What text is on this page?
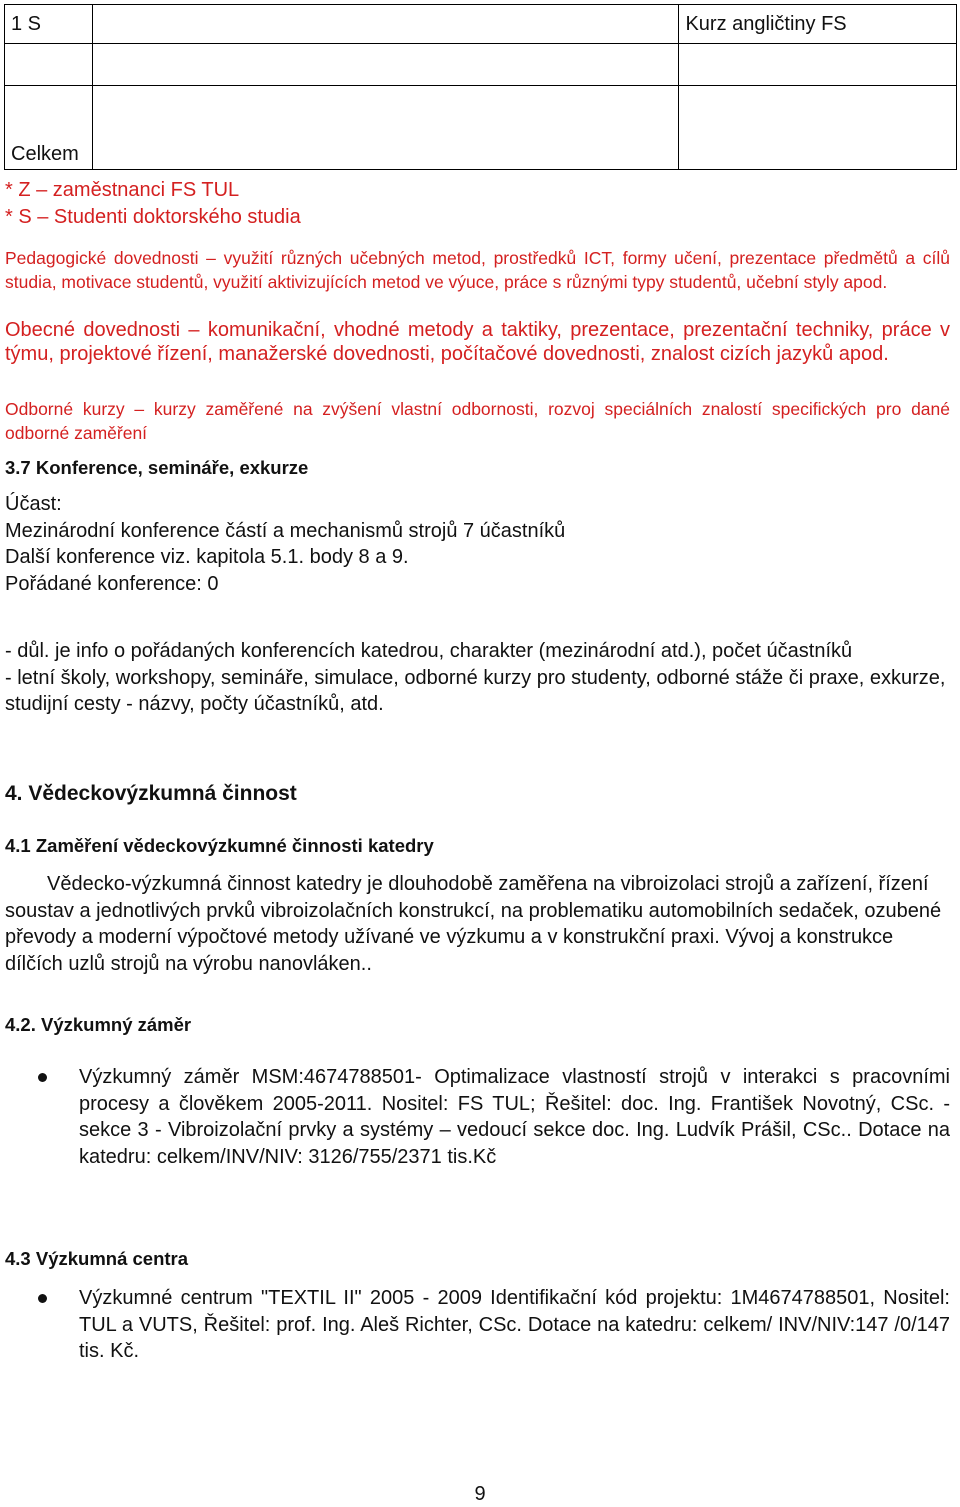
1 S		Kurz angličtiny FS

Celkem		
* Z – zaměstnanci FS TUL
* S – Studenti doktorského studia
Pedagogické dovednosti – využití různých učebných metod, prostředků ICT, formy učení, prezentace předmětů a cílů studia, motivace studentů, využití aktivizujících metod ve výuce, práce s různými typy studentů, učební styly apod.
Obecné dovednosti – komunikační, vhodné metody a taktiky, prezentace, prezentační techniky, práce v týmu, projektové řízení, manažerské dovednosti, počítačové dovednosti, znalost cizích jazyků apod.
Odborné kurzy – kurzy zaměřené na zvýšení vlastní odbornosti, rozvoj speciálních znalostí specifických pro dané odborné zaměření
3.7 Konference, semináře, exkurze
Účast:
Mezinárodní konference částí a mechanismů strojů 7 účastníků
Další konference viz. kapitola 5.1. body 8 a 9.
Pořádané konference: 0
- důl. je info o pořádaných konferencích katedrou, charakter (mezinárodní atd.), počet účastníků
- letní školy, workshopy, semináře, simulace, odborné kurzy pro studenty, odborné stáže či praxe, exkurze, studijní cesty - názvy, počty účastníků, atd.
4. Vědeckovýzkumná činnost
4.1 Zaměření vědeckovýzkumné činnosti katedry
Vědecko-výzkumná činnost katedry je dlouhodobě zaměřena na vibroizolaci strojů a zařízení, řízení soustav a jednotlivých prvků vibroizolačních konstrukcí, na problematiku automobilních sedaček, ozubené převody a moderní výpočtové metody užívané ve výzkumu a v konstrukční praxi. Vývoj a konstrukce dílčích uzlů strojů na výrobu nanovláken..
4.2. Výzkumný záměr
Výzkumný záměr MSM:4674788501- Optimalizace vlastností strojů v interakci s pracovními procesy a člověkem 2005-2011. Nositel: FS TUL; Řešitel: doc. Ing. František Novotný, CSc. - sekce 3 - Vibroizolační prvky a systémy – vedoucí sekce doc. Ing. Ludvík Prášil, CSc.. Dotace na katedru: celkem/INV/NIV: 3126/755/2371 tis.Kč
4.3 Výzkumná centra
Výzkumné centrum "TEXTIL II" 2005 - 2009 Identifikační kód projektu: 1M4674788501, Nositel: TUL a VUTS, Řešitel: prof. Ing. Aleš Richter, CSc. Dotace na katedru: celkem/ INV/NIV:147 /0/147 tis. Kč.
9
